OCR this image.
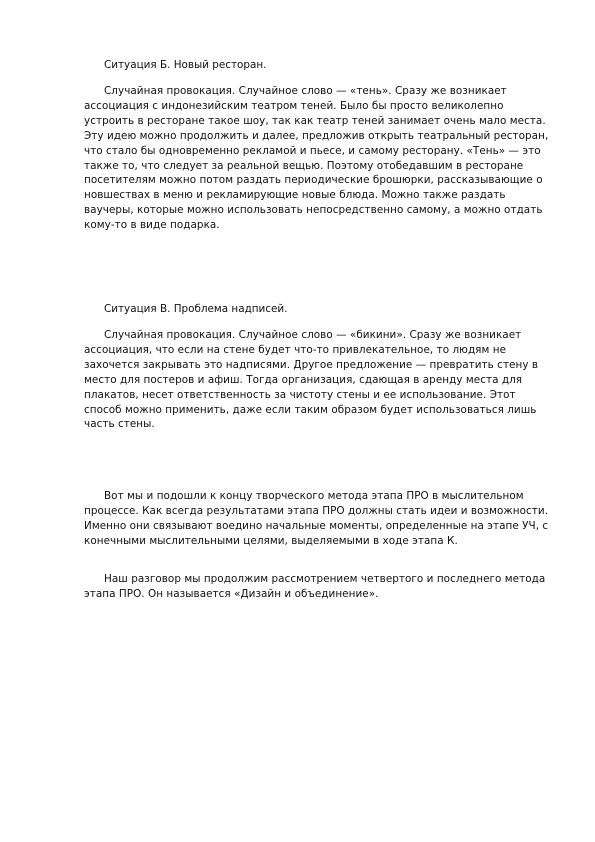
Ситуация Б. Новый ресторан.

Случайная провокация. Случайное слово — «тень». Сразу же возникает ассоциация с индонезийским театром теней. Было бы просто великолепно устроить в ресторане такое шоу, так как театр теней занимает очень мало места. Эту идею можно продолжить и далее, предложив открыть театральный ресторан, что стало бы одновременно рекламой и пьесе, и самому ресторану. «Тень» — это также то, что следует за реальной вещью. Поэтому отобедавшим в ресторане посетителям можно потом раздать периодические брошюрки, рассказывающие о новшествах в меню и рекламирующие новые блюда. Можно также раздать ваучеры, которые можно использовать непосредственно самому, а можно отдать кому-то в виде подарка.

Ситуация В. Проблема надписей.

Случайная провокация. Случайное слово — «бикини». Сразу же возникает ассоциация, что если на стене будет что-то привлекательное, то людям не захочется закрывать это надписями. Другое предложение — превратить стену в место для постеров и афиш. Тогда организация, сдающая в аренду места для плакатов, несет ответственность за чистоту стены и ее использование. Этот способ можно применить, даже если таким образом будет использоваться лишь часть стены.

Вот мы и подошли к концу творческого метода этапа ПРО в мыслительном процессе. Как всегда результатами этапа ПРО должны стать идеи и возможности. Именно они связывают воедино начальные моменты, определенные на этапе УЧ, с конечными мыслительными целями, выделяемыми в ходе этапа К.

Наш разговор мы продолжим рассмотрением четвертого и последнего метода этапа ПРО. Он называется «Дизайн и объединение».
